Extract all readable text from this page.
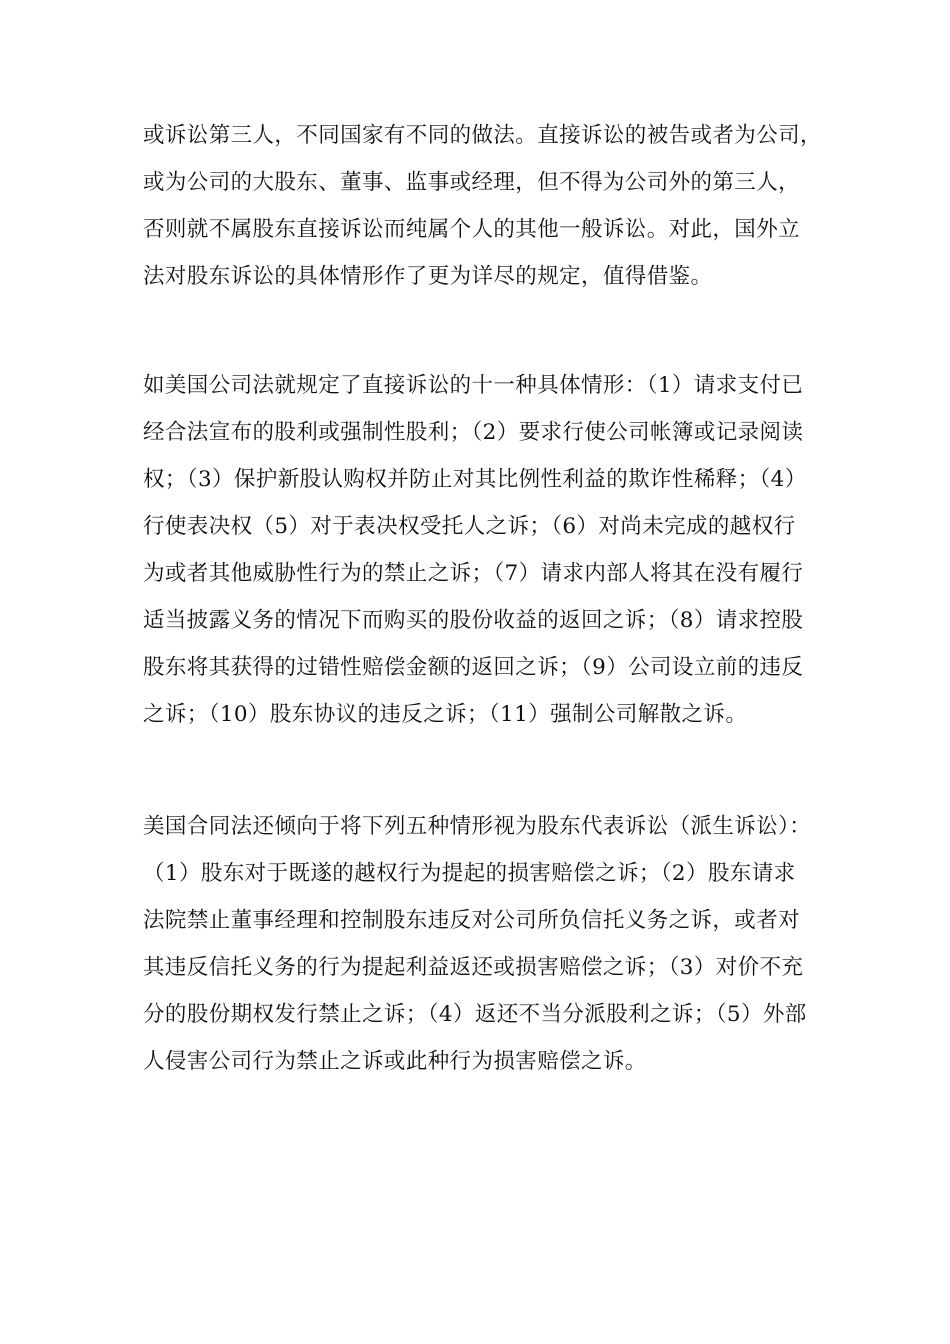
或诉讼第三人，不同国家有不同的做法。直接诉讼的被告或者为公司，
或为公司的大股东、董事、监事或经理，但不得为公司外的第三人，
否则就不属股东直接诉讼而纯属个人的其他一般诉讼。对此，国外立
法对股东诉讼的具体情形作了更为详尽的规定，值得借鉴。
如美国公司法就规定了直接诉讼的十一种具体情形：（1）请求支付已
经合法宣布的股利或强制性股利；（2）要求行使公司帐簿或记录阅读
权；（3）保护新股认购权并防止对其比例性利益的欺诈性稀释；（4）
行使表决权（5）对于表决权受托人之诉；（6）对尚未完成的越权行
为或者其他威胁性行为的禁止之诉；（7）请求内部人将其在没有履行
适当披露义务的情况下而购买的股份收益的返回之诉；（8）请求控股
股东将其获得的过错性赔偿金额的返回之诉；（9）公司设立前的违反
之诉；（10）股东协议的违反之诉；（11）强制公司解散之诉。
美国合同法还倾向于将下列五种情形视为股东代表诉讼（派生诉讼）：
（1）股东对于既遂的越权行为提起的损害赔偿之诉；（2）股东请求
法院禁止董事经理和控制股东违反对公司所负信托义务之诉，或者对
其违反信托义务的行为提起利益返还或损害赔偿之诉；（3）对价不充
分的股份期权发行禁止之诉；（4）返还不当分派股利之诉；（5）外部
人侵害公司行为禁止之诉或此种行为损害赔偿之诉。
